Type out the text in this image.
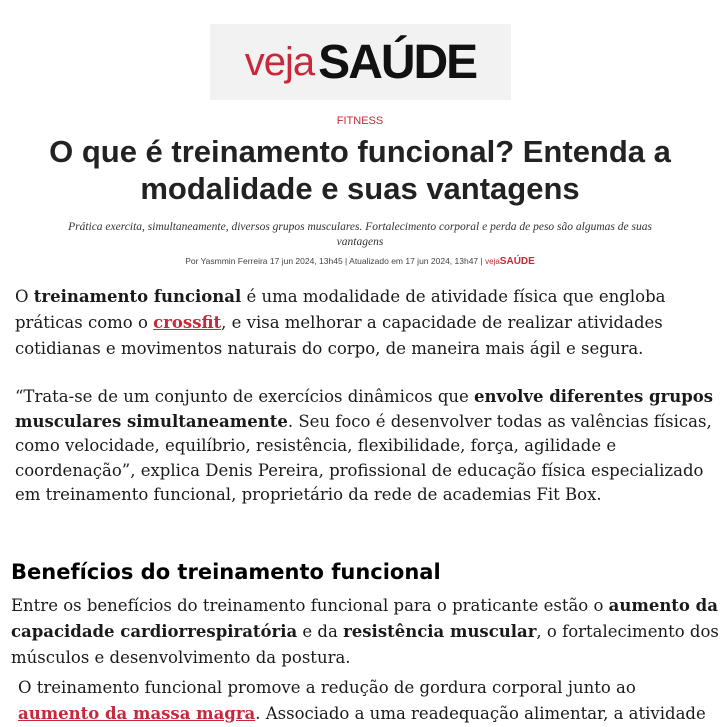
veja SAÚDE
FITNESS
O que é treinamento funcional? Entenda a modalidade e suas vantagens

Prática exercita, simultaneamente, diversos grupos musculares. Fortalecimento corporal e perda de peso são algumas de suas vantagens

Por Yasmmin Ferreira 17 jun 2024, 13h45 | Atualizado em 17 jun 2024, 13h47 | vejaSAÚDE

O treinamento funcional é uma modalidade de atividade física que engloba práticas como o crossfit, e visa melhorar a capacidade de realizar atividades cotidianas e movimentos naturais do corpo, de maneira mais ágil e segura.

“Trata-se de um conjunto de exercícios dinâmicos que envolve diferentes grupos musculares simultaneamente. Seu foco é desenvolver todas as valências físicas, como velocidade, equilíbrio, resistência, flexibilidade, força, agilidade e coordenação”, explica Denis Pereira, profissional de educação física especializado em treinamento funcional, proprietário da rede de academias Fit Box.

Benefícios do treinamento funcional

Entre os benefícios do treinamento funcional para o praticante estão o aumento da capacidade cardiorrespiratória e da resistência muscular, o fortalecimento dos músculos e desenvolvimento da postura.

O treinamento funcional promove a redução de gordura corporal junto ao aumento da massa magra. Associado a uma readequação alimentar, a atividade
